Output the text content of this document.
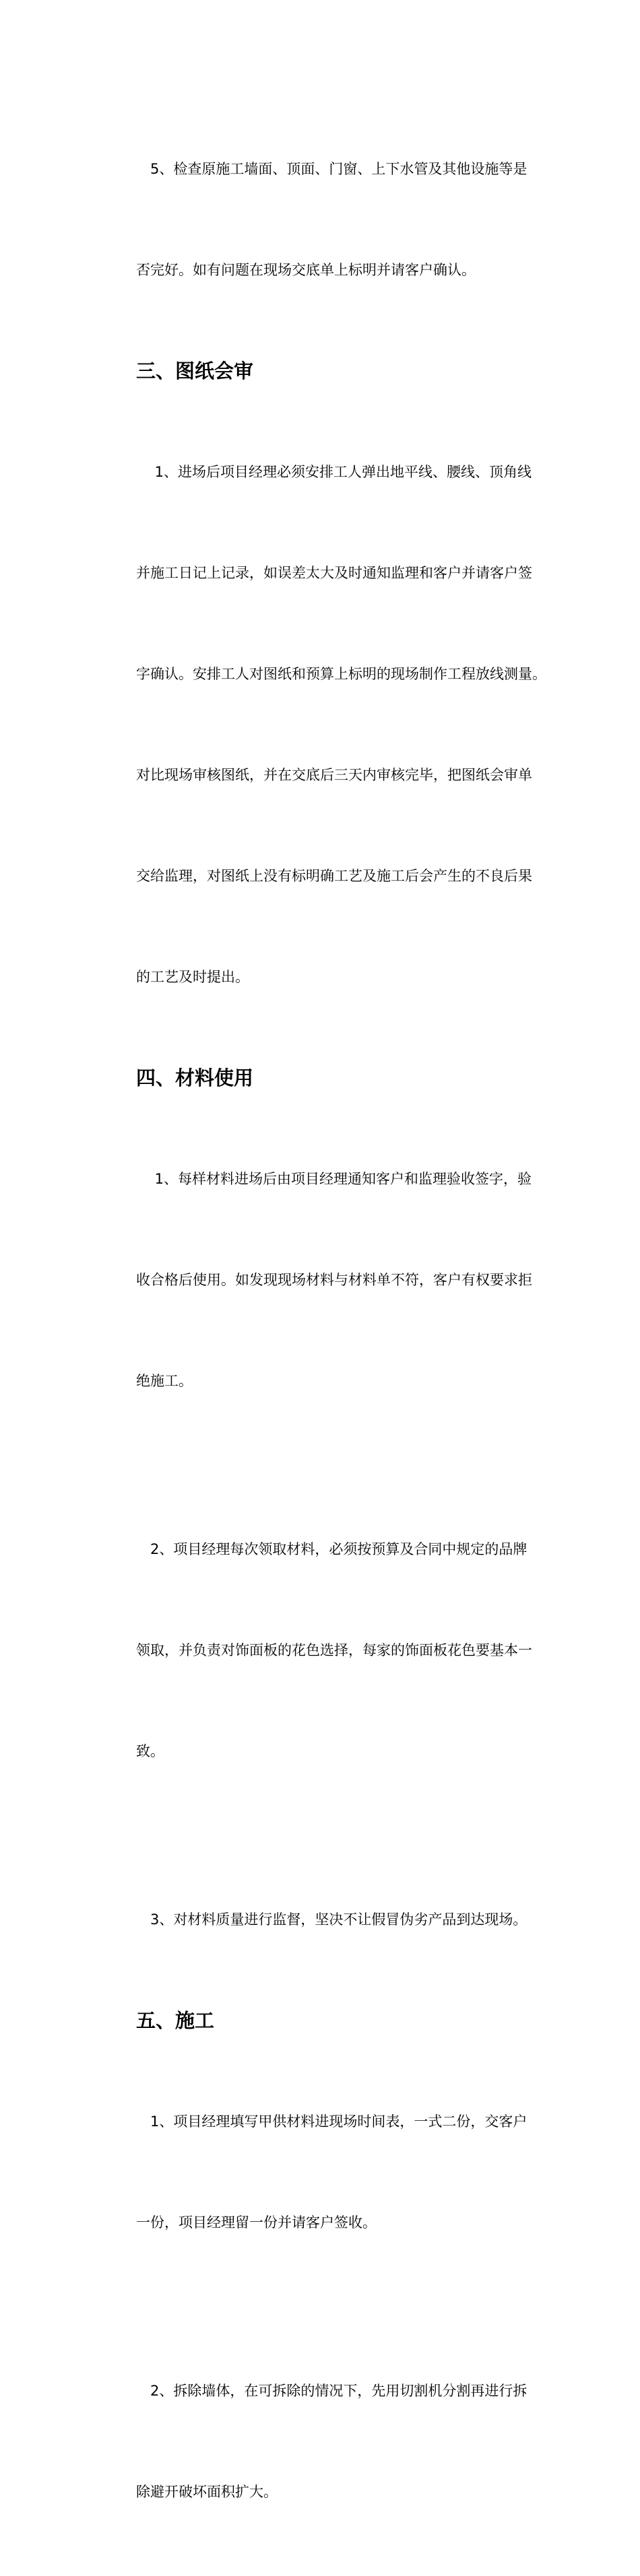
　5、检查原施工墙面、顶面、门窗、上下水管及其他设施等是

否完好。如有问题在现场交底单上标明并请客户确认。

三、图纸会审

　 1、进场后项目经理必须安排工人弹出地平线、腰线、顶角线

并施工日记上记录，如误差太大及时通知监理和客户并请客户签

字确认。安排工人对图纸和预算上标明的现场制作工程放线测量。

对比现场审核图纸，并在交底后三天内审核完毕，把图纸会审单

交给监理，对图纸上没有标明确工艺及施工后会产生的不良后果

的工艺及时提出。

四、材料使用

　 1、每样材料进场后由项目经理通知客户和监理验收签字，验

收合格后使用。如发现现场材料与材料单不符，客户有权要求拒

绝施工。

　2、项目经理每次领取材料，必须按预算及合同中规定的品牌

领取，并负责对饰面板的花色选择，每家的饰面板花色要基本一

致。

　3、对材料质量进行监督，坚决不让假冒伪劣产品到达现场。

五、施工

　1、项目经理填写甲供材料进现场时间表，一式二份，交客户

一份，项目经理留一份并请客户签收。

　2、拆除墙体，在可拆除的情况下，先用切割机分割再进行拆

除避开破坏面积扩大。
